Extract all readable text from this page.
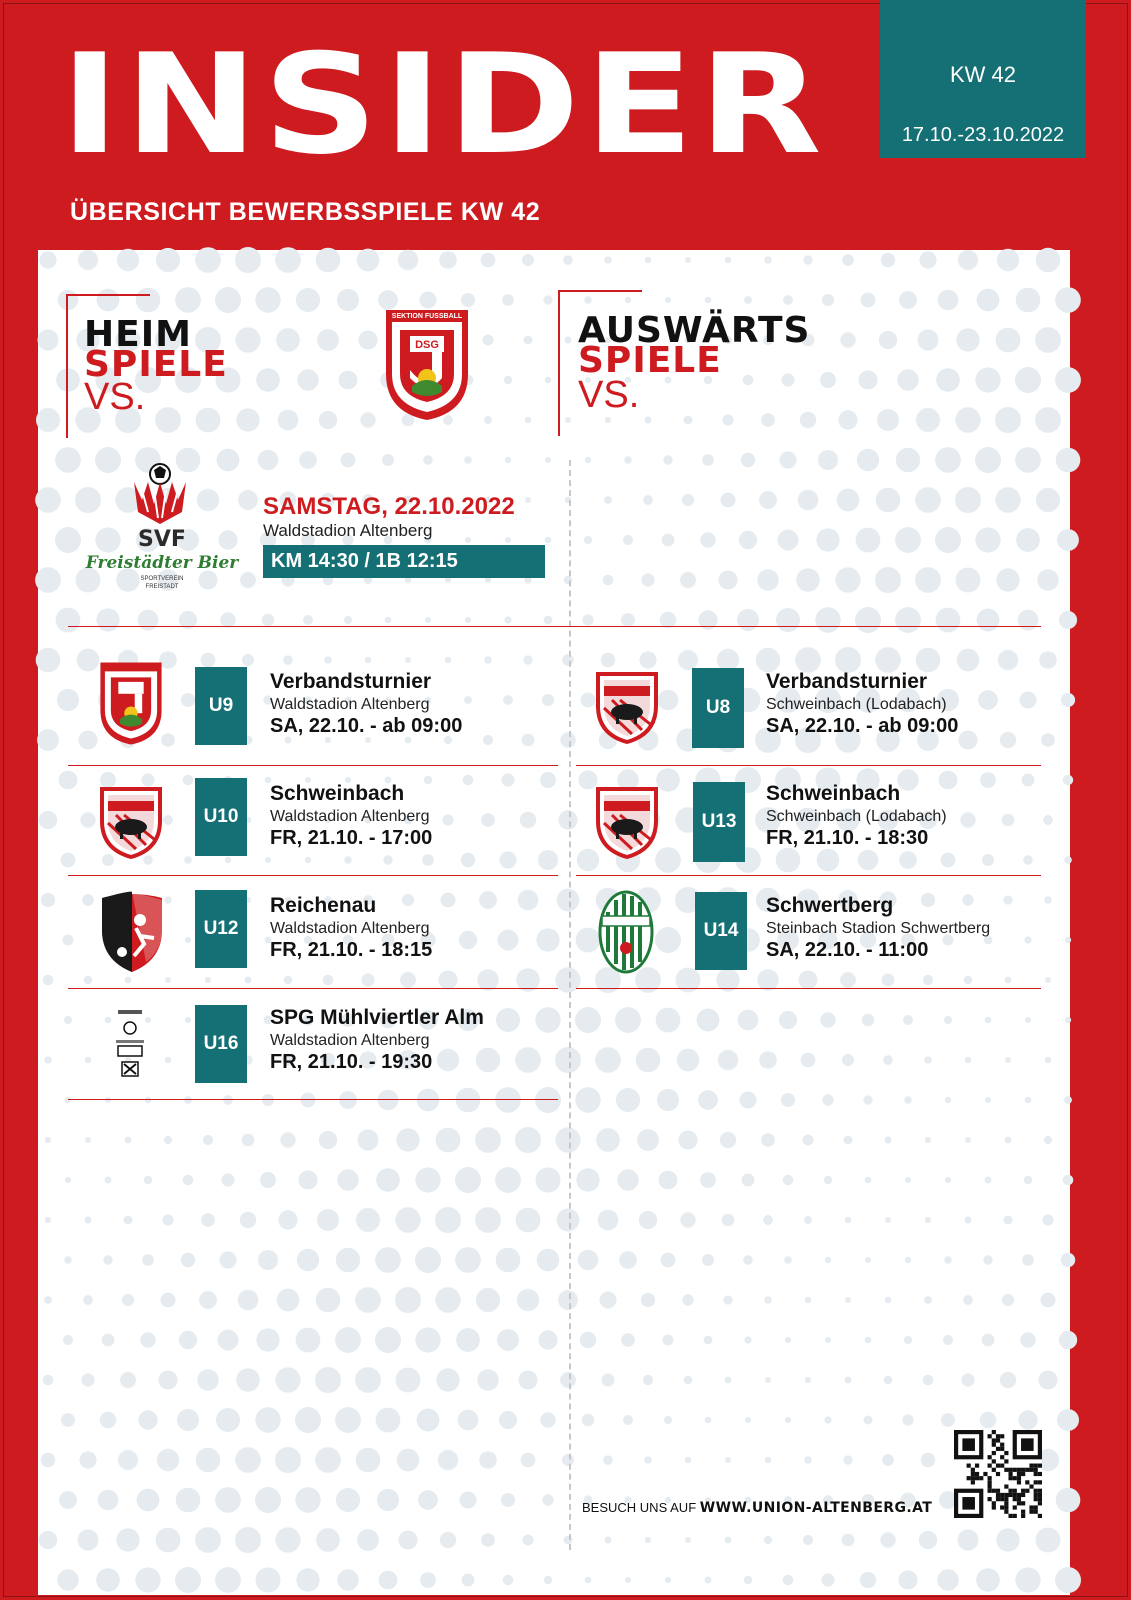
INSIDER	KW 42
17.10.-23.10.2022
ÜBERSICHT BEWERBSSPIELE KW 42
HEIM
SPIELE
VS.
AUSWÄRTS
SPIELE
VS.
SEKTION FUSSBALL
DSG
SVF
Freistädter Bier
SPORTVEREIN
FREISTADT
SAMSTAG, 22.10.2022
Waldstadion Altenberg
KM 14:30 / 1B 12:15
U9
Verbandsturnier
Waldstadion Altenberg
SA, 22.10. - ab 09:00
U10
Schweinbach
Waldstadion Altenberg
FR, 21.10. - 17:00
U12
Reichenau
Waldstadion Altenberg
FR, 21.10. - 18:15
U16
SPG Mühlviertler Alm
Waldstadion Altenberg
FR, 21.10. - 19:30
U8
Verbandsturnier
Schweinbach (Lodabach)
SA, 22.10. - ab 09:00
U13
Schweinbach
Schweinbach (Lodabach)
FR, 21.10. - 18:30
U14
Schwertberg
Steinbach Stadion Schwertberg
SA, 22.10. - 11:00
BESUCH UNS AUF WWW.UNION-ALTENBERG.AT
